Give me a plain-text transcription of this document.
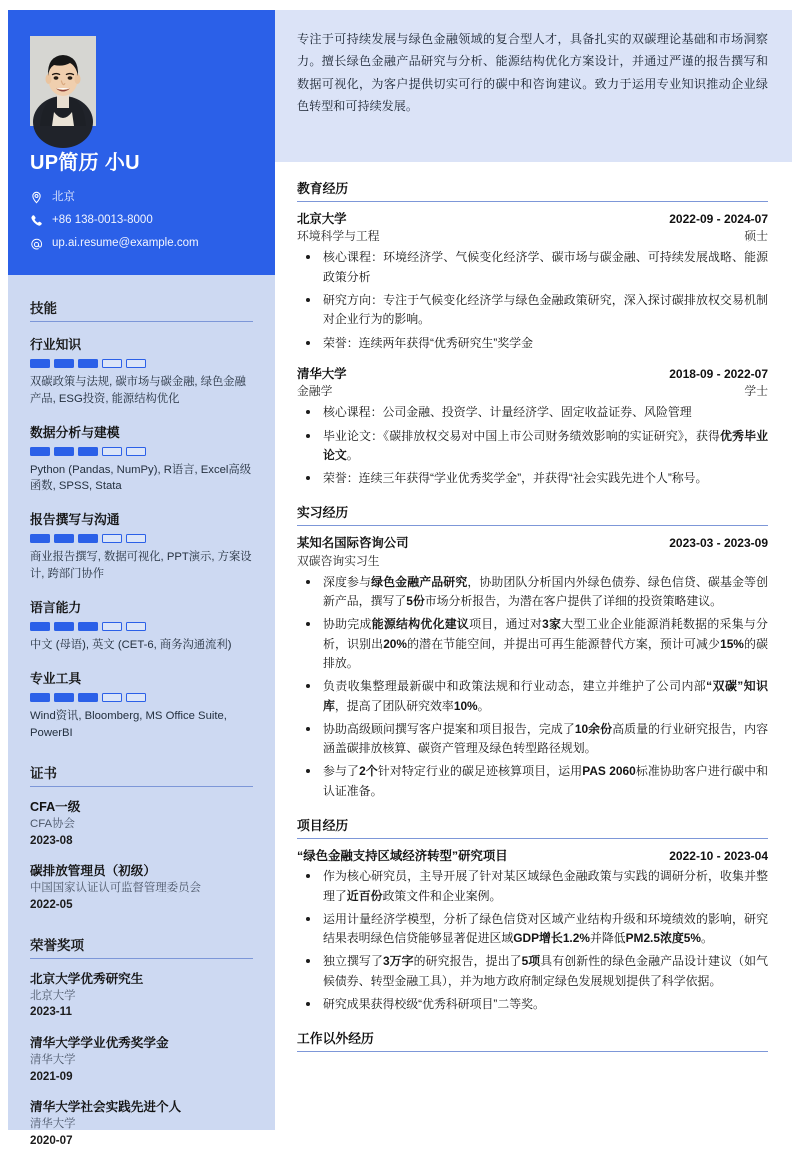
UP简历 小U
北京
+86 138-0013-8000
up.ai.resume@example.com
技能
行业知识
双碳政策与法规, 碳市场与碳金融, 绿色金融产品, ESG投资, 能源结构优化
数据分析与建模
Python (Pandas, NumPy), R语言, Excel高级函数, SPSS, Stata
报告撰写与沟通
商业报告撰写, 数据可视化, PPT演示, 方案设计, 跨部门协作
语言能力
中文 (母语), 英文 (CET-6, 商务沟通流利)
专业工具
Wind资讯, Bloomberg, MS Office Suite, PowerBI
证书
CFA一级
CFA协会
2023-08
碳排放管理员（初级）
中国国家认证认可监督管理委员会
2022-05
荣誉奖项
北京大学优秀研究生
北京大学
2023-11
清华大学学业优秀奖学金
清华大学
2021-09
清华大学社会实践先进个人
清华大学
2020-07
专注于可持续发展与绿色金融领域的复合型人才，具备扎实的双碳理论基础和市场洞察力。擅长绿色金融产品研究与分析、能源结构优化方案设计，并通过严谨的报告撰写和数据可视化，为客户提供切实可行的碳中和咨询建议。致力于运用专业知识推动企业绿色转型和可持续发展。
教育经历
北京大学	2022-09 - 2024-07
环境科学与工程	硕士
核心课程：环境经济学、气候变化经济学、碳市场与碳金融、可持续发展战略、能源政策分析
研究方向：专注于气候变化经济学与绿色金融政策研究，深入探讨碳排放权交易机制对企业行为的影响。
荣誉：连续两年获得“优秀研究生”奖学金
清华大学	2018-09 - 2022-07
金融学	学士
核心课程：公司金融、投资学、计量经济学、固定收益证券、风险管理
毕业论文：《碳排放权交易对中国上市公司财务绩效影响的实证研究》，获得优秀毕业论文。
荣誉：连续三年获得“学业优秀奖学金”，并获得“社会实践先进个人”称号。
实习经历
某知名国际咨询公司	2023-03 - 2023-09
双碳咨询实习生
深度参与绿色金融产品研究，协助团队分析国内外绿色债券、绿色信贷、碳基金等创新产品，撰写了5份市场分析报告，为潜在客户提供了详细的投资策略建议。
协助完成能源结构优化建议项目，通过对3家大型工业企业能源消耗数据的采集与分析，识别出20%的潜在节能空间，并提出可再生能源替代方案，预计可减少15%的碳排放。
负责收集整理最新碳中和政策法规和行业动态，建立并维护了公司内部“双碳”知识库，提高了团队研究效率10%。
协助高级顾问撰写客户提案和项目报告，完成了10余份高质量的行业研究报告，内容涵盖碳排放核算、碳资产管理及绿色转型路径规划。
参与了2个针对特定行业的碳足迹核算项目，运用PAS 2060标准协助客户进行碳中和认证准备。
项目经历
“绿色金融支持区域经济转型”研究项目	2022-10 - 2023-04
作为核心研究员，主导开展了针对某区域绿色金融政策与实践的调研分析，收集并整理了近百份政策文件和企业案例。
运用计量经济学模型，分析了绿色信贷对区域产业结构升级和环境绩效的影响，研究结果表明绿色信贷能够显著促进区域GDP增长1.2%并降低PM2.5浓度5%。
独立撰写了3万字的研究报告，提出了5项具有创新性的绿色金融产品设计建议（如气候债券、转型金融工具），并为地方政府制定绿色发展规划提供了科学依据。
研究成果获得校级“优秀科研项目”二等奖。
工作以外经历
